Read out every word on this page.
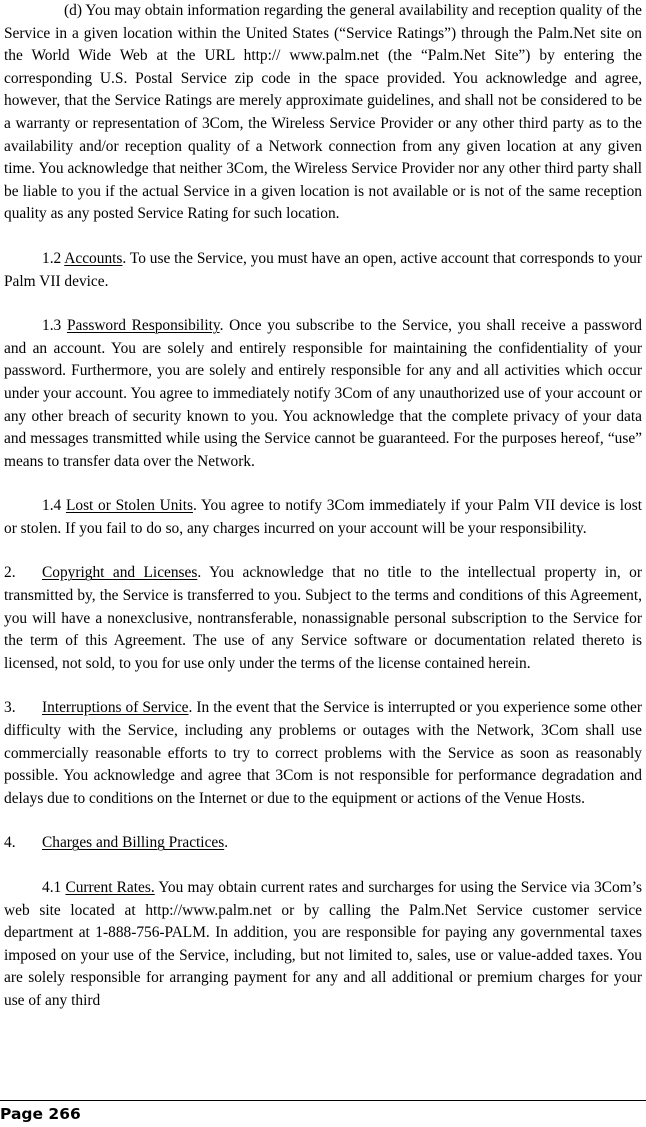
(d) You may obtain information regarding the general availability and reception quality of the Service in a given location within the United States (“Service Ratings”) through the Palm.Net site on the World Wide Web at the URL http:// www.palm.net (the “Palm.Net Site”) by entering the corresponding U.S. Postal Service zip code in the space provided. You acknowledge and agree, however, that the Service Ratings are merely approximate guidelines, and shall not be considered to be a warranty or representation of 3Com, the Wireless Service Provider or any other third party as to the availability and/or reception quality of a Network connection from any given location at any given time. You acknowledge that neither 3Com, the Wireless Service Provider nor any other third party shall be liable to you if the actual Service in a given location is not available or is not of the same reception quality as any posted Service Rating for such location.

1.2 Accounts. To use the Service, you must have an open, active account that corresponds to your Palm VII device.

1.3 Password Responsibility. Once you subscribe to the Service, you shall receive a password and an account. You are solely and entirely responsible for maintaining the confidentiality of your password. Furthermore, you are solely and entirely responsible for any and all activities which occur under your account. You agree to immediately notify 3Com of any unauthorized use of your account or any other breach of security known to you. You acknowledge that the complete privacy of your data and messages transmitted while using the Service cannot be guaranteed. For the purposes hereof, “use” means to transfer data over the Network.

1.4 Lost or Stolen Units. You agree to notify 3Com immediately if your Palm VII device is lost or stolen. If you fail to do so, any charges incurred on your account will be your responsibility.

2. Copyright and Licenses. You acknowledge that no title to the intellectual property in, or transmitted by, the Service is transferred to you. Subject to the terms and conditions of this Agreement, you will have a nonexclusive, nontransferable, nonassignable personal subscription to the Service for the term of this Agreement. The use of any Service software or documentation related thereto is licensed, not sold, to you for use only under the terms of the license contained herein.

3. Interruptions of Service. In the event that the Service is interrupted or you experience some other difficulty with the Service, including any problems or outages with the Network, 3Com shall use commercially reasonable efforts to try to correct problems with the Service as soon as reasonably possible. You acknowledge and agree that 3Com is not responsible for performance degradation and delays due to conditions on the Internet or due to the equipment or actions of the Venue Hosts.

4. Charges and Billing Practices.

4.1 Current Rates. You may obtain current rates and surcharges for using the Service via 3Com’s web site located at http://www.palm.net or by calling the Palm.Net Service customer service department at 1-888-756-PALM. In addition, you are responsible for paying any governmental taxes imposed on your use of the Service, including, but not limited to, sales, use or value-added taxes. You are solely responsible for arranging payment for any and all additional or premium charges for your use of any third

Page 266
